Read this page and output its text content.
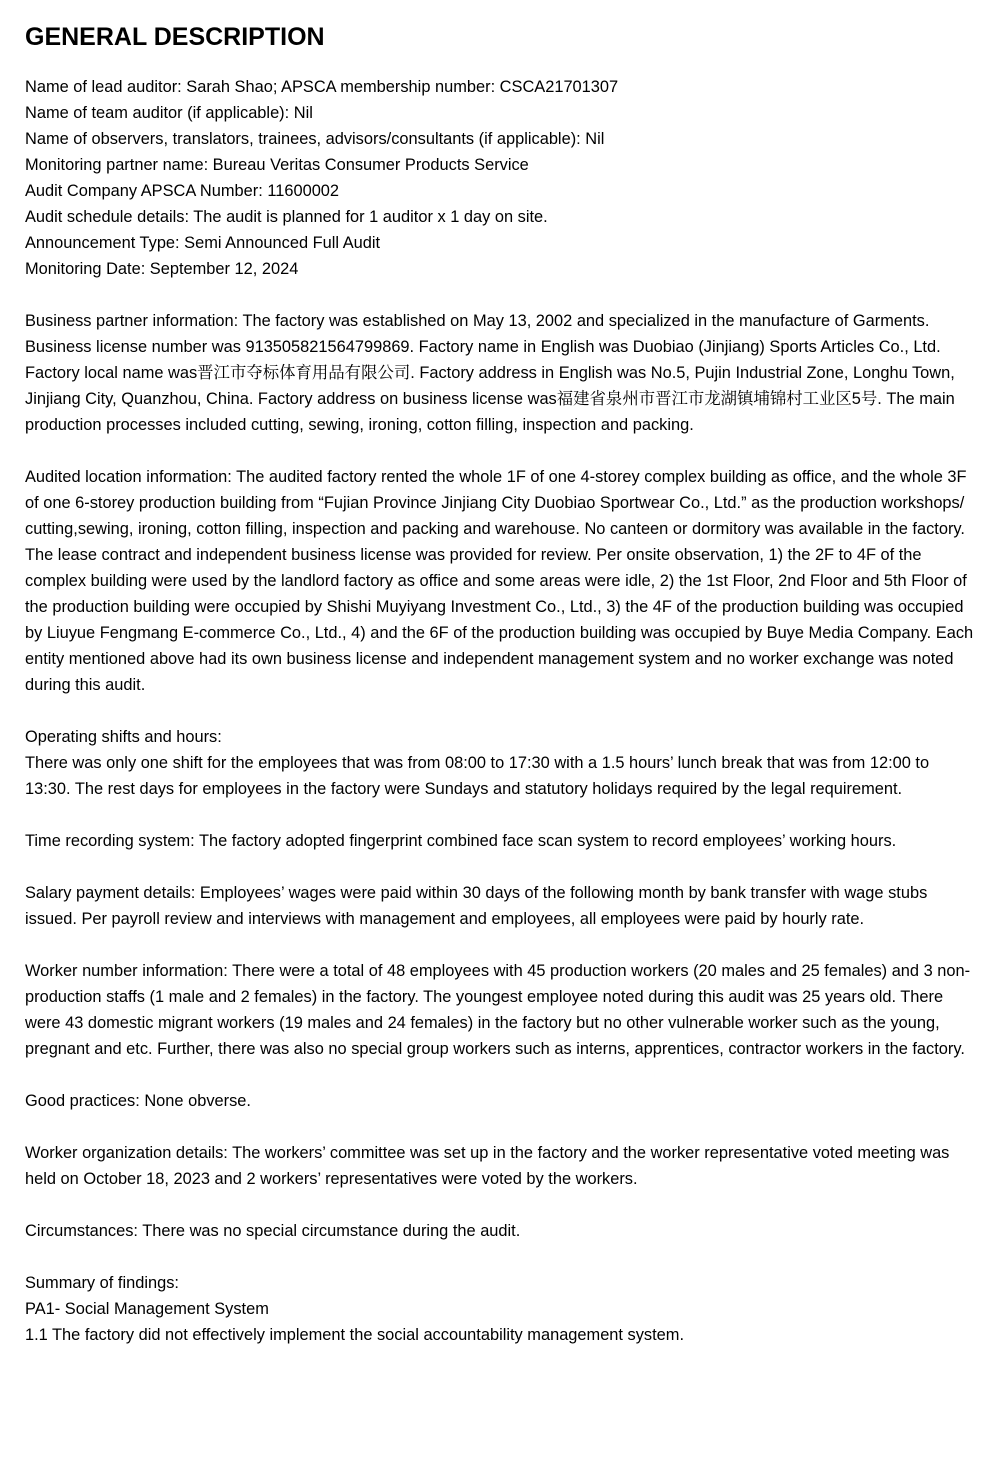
GENERAL DESCRIPTION
Name of lead auditor: Sarah Shao; APSCA membership number: CSCA21701307
Name of team auditor (if applicable): Nil
Name of observers, translators, trainees, advisors/consultants (if applicable): Nil
Monitoring partner name: Bureau Veritas Consumer Products Service
Audit Company APSCA Number: 11600002
Audit schedule details: The audit is planned for 1 auditor x 1 day on site.
Announcement Type: Semi Announced Full Audit
Monitoring Date: September 12, 2024
Business partner information: The factory was established on May 13, 2002 and specialized in the manufacture of Garments. Business license number was 913505821564799869. Factory name in English was Duobiao (Jinjiang) Sports Articles Co., Ltd. Factory local name was晋江市夺标体育用品有限公司. Factory address in English was No.5, Pujin Industrial Zone, Longhu Town, Jinjiang City, Quanzhou, China. Factory address on business license was福建省泉州市晋江市龙湖镇埔锦村工业区5号. The main production processes included cutting, sewing, ironing, cotton filling, inspection and packing.
Audited location information: The audited factory rented the whole 1F of one 4-storey complex building as office, and the whole 3F of one 6-storey production building from “Fujian Province Jinjiang City Duobiao Sportwear Co., Ltd.” as the production workshops/ cutting,sewing, ironing, cotton filling, inspection and packing and warehouse. No canteen or dormitory was available in the factory. The lease contract and independent business license was provided for review. Per onsite observation, 1) the 2F to 4F of the complex building were used by the landlord factory as office and some areas were idle, 2) the 1st Floor, 2nd Floor and 5th Floor of the production building were occupied by Shishi Muyiyang Investment Co., Ltd., 3) the 4F of the production building was occupied by Liuyue Fengmang E-commerce Co., Ltd., 4) and the 6F of the production building was occupied by Buye Media Company. Each entity mentioned above had its own business license and independent management system and no worker exchange was noted during this audit.
Operating shifts and hours:
There was only one shift for the employees that was from 08:00 to 17:30 with a 1.5 hours’ lunch break that was from 12:00 to 13:30. The rest days for employees in the factory were Sundays and statutory holidays required by the legal requirement.
Time recording system: The factory adopted fingerprint combined face scan system to record employees’ working hours.
Salary payment details: Employees’ wages were paid within 30 days of the following month by bank transfer with wage stubs issued. Per payroll review and interviews with management and employees, all employees were paid by hourly rate.
Worker number information: There were a total of 48 employees with 45 production workers (20 males and 25 females) and 3 non-production staffs (1 male and 2 females) in the factory. The youngest employee noted during this audit was 25 years old. There were 43 domestic migrant workers (19 males and 24 females) in the factory but no other vulnerable worker such as the young, pregnant and etc. Further, there was also no special group workers such as interns, apprentices, contractor workers in the factory.
Good practices: None obverse.
Worker organization details: The workers’ committee was set up in the factory and the worker representative voted meeting was held on October 18, 2023 and 2 workers’ representatives were voted by the workers.
Circumstances: There was no special circumstance during the audit.
Summary of findings:
PA1- Social Management System
1.1 The factory did not effectively implement the social accountability management system.
